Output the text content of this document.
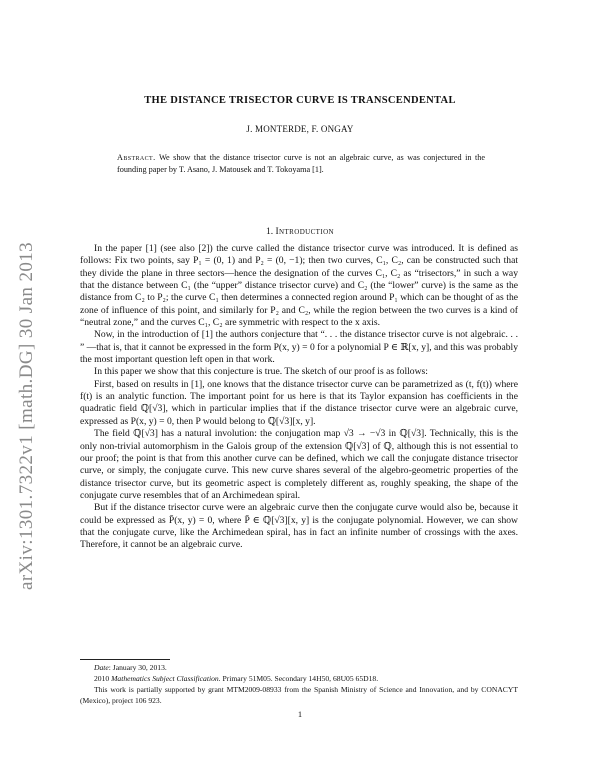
arXiv:1301.7322v1 [math.DG] 30 Jan 2013
THE DISTANCE TRISECTOR CURVE IS TRANSCENDENTAL
J. MONTERDE, F. ONGAY
Abstract. We show that the distance trisector curve is not an algebraic curve, as was conjectured in the founding paper by T. Asano, J. Matousek and T. Tokoyama [1].
1. Introduction

In the paper [1] (see also [2]) the curve called the distance trisector curve was introduced. It is defined as follows: Fix two points, say P₁ = (0, 1) and P₂ = (0, −1); then two curves, C₁, C₂, can be constructed such that they divide the plane in three sectors—hence the designation of the curves C₁, C₂ as “trisectors,” in such a way that the distance between C₁ (the “upper” distance trisector curve) and C₂ (the “lower” curve) is the same as the distance from C₂ to P₂; the curve C₁ then determines a connected region around P₁ which can be thought of as the zone of influence of this point, and similarly for P₂ and C₂, while the region between the two curves is a kind of “neutral zone,” and the curves C₁, C₂ are symmetric with respect to the x axis.

Now, in the introduction of [1] the authors conjecture that “. . . the distance trisector curve is not algebraic. . . ” —that is, that it cannot be expressed in the form P(x, y) = 0 for a polynomial P ∈ ℝ[x, y], and this was probably the most important question left open in that work.

In this paper we show that this conjecture is true. The sketch of our proof is as follows:

First, based on results in [1], one knows that the distance trisector curve can be parametrized as (t, f(t)) where f(t) is an analytic function. The important point for us here is that its Taylor expansion has coefficients in the quadratic field ℚ[√3], which in particular implies that if the distance trisector curve were an algebraic curve, expressed as P(x, y) = 0, then P would belong to ℚ[√3][x, y].

The field ℚ[√3] has a natural involution: the conjugation map √3 → −√3 in ℚ[√3]. Technically, this is the only non-trivial automorphism in the Galois group of the extension ℚ[√3] of ℚ, although this is not essential to our proof; the point is that from this another curve can be defined, which we call the conjugate distance trisector curve, or simply, the conjugate curve. This new curve shares several of the algebro-geometric properties of the distance trisector curve, but its geometric aspect is completely different as, roughly speaking, the shape of the conjugate curve resembles that of an Archimedean spiral.

But if the distance trisector curve were an algebraic curve then the conjugate curve would also be, because it could be expressed as P̄(x, y) = 0, where P̄ ∈ ℚ[√3][x, y] is the conjugate polynomial. However, we can show that the conjugate curve, like the Archimedean spiral, has in fact an infinite number of crossings with the axes. Therefore, it cannot be an algebraic curve.

Date: January 30, 2013.

2010 Mathematics Subject Classification. Primary 51M05. Secondary 14H50, 68U05 65D18.

This work is partially supported by grant MTM2009-08933 from the Spanish Ministry of Science and Innovation, and by CONACYT (Mexico), project 106 923.

1
